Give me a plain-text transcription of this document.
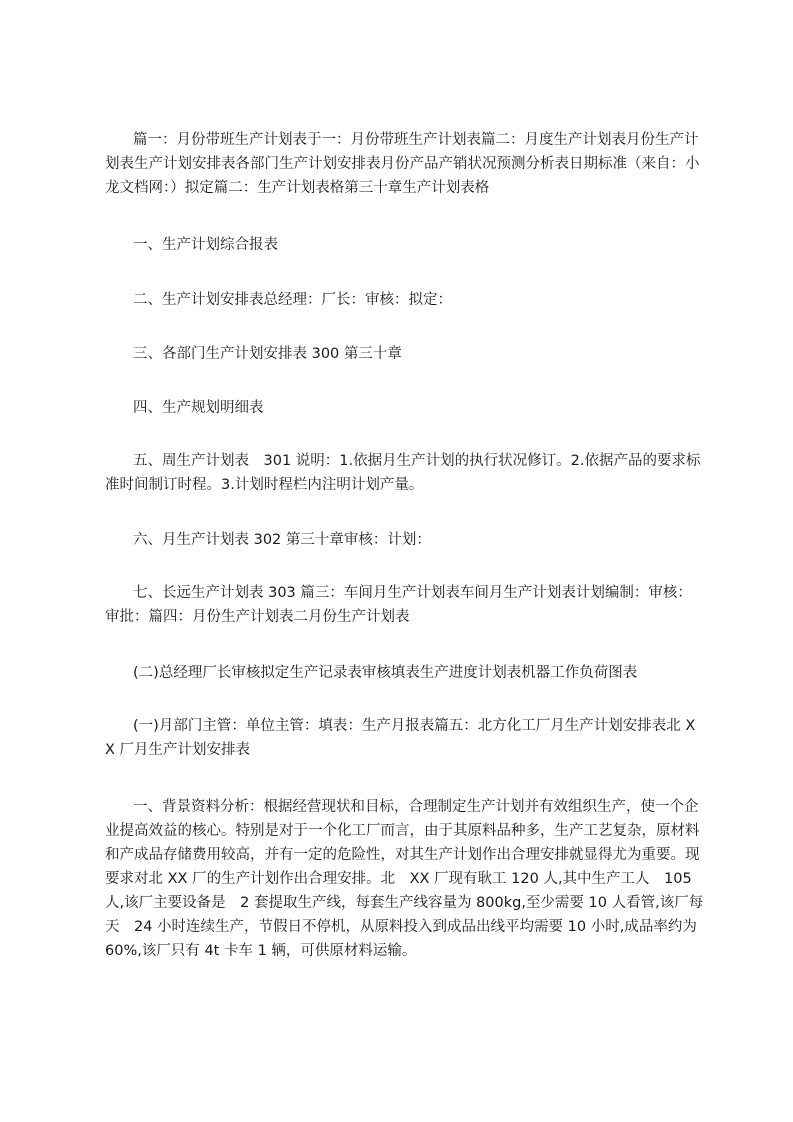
篇一：月份带班生产计划表于一：月份带班生产计划表篇二：月度生产计划表月份生产计划表生产计划安排表各部门生产计划安排表月份产品产销状况预测分析表日期标准（来自：小龙文档网：）拟定篇二：生产计划表格第三十章生产计划表格

一、生产计划综合报表

二、生产计划安排表总经理：厂长：审核：拟定：

三、各部门生产计划安排表 300 第三十章

四、生产规划明细表

五、周生产计划表　301 说明：1.依据月生产计划的执行状况修订。2.依据产品的要求标准时间制订时程。3.计划时程栏内注明计划产量。

六、月生产计划表 302 第三十章审核：计划：

七、长远生产计划表 303 篇三：车间月生产计划表车间月生产计划表计划编制：审核：审批：篇四：月份生产计划表二月份生产计划表

(二)总经理厂长审核拟定生产记录表审核填表生产进度计划表机器工作负荷图表

(一)月部门主管：单位主管：填表：生产月报表篇五：北方化工厂月生产计划安排表北 XX 厂月生产计划安排表

一、背景资料分析：根据经营现状和目标，合理制定生产计划并有效组织生产，使一个企业提高效益的核心。特别是对于一个化工厂而言，由于其原料品种多，生产工艺复杂，原材料和产成品存储费用较高，并有一定的危险性，对其生产计划作出合理安排就显得尤为重要。现要求对北 XX 厂的生产计划作出合理安排。北　XX 厂现有耿工 120 人,其中生产工人　105 人,该厂主要设备是　2 套提取生产线，每套生产线容量为 800kg,至少需要 10 人看管,该厂每天　24 小时连续生产，节假日不停机，从原料投入到成品出线平均需要 10 小时,成品率约为　60%,该厂只有 4t 卡车 1 辆，可供原材料运输。
